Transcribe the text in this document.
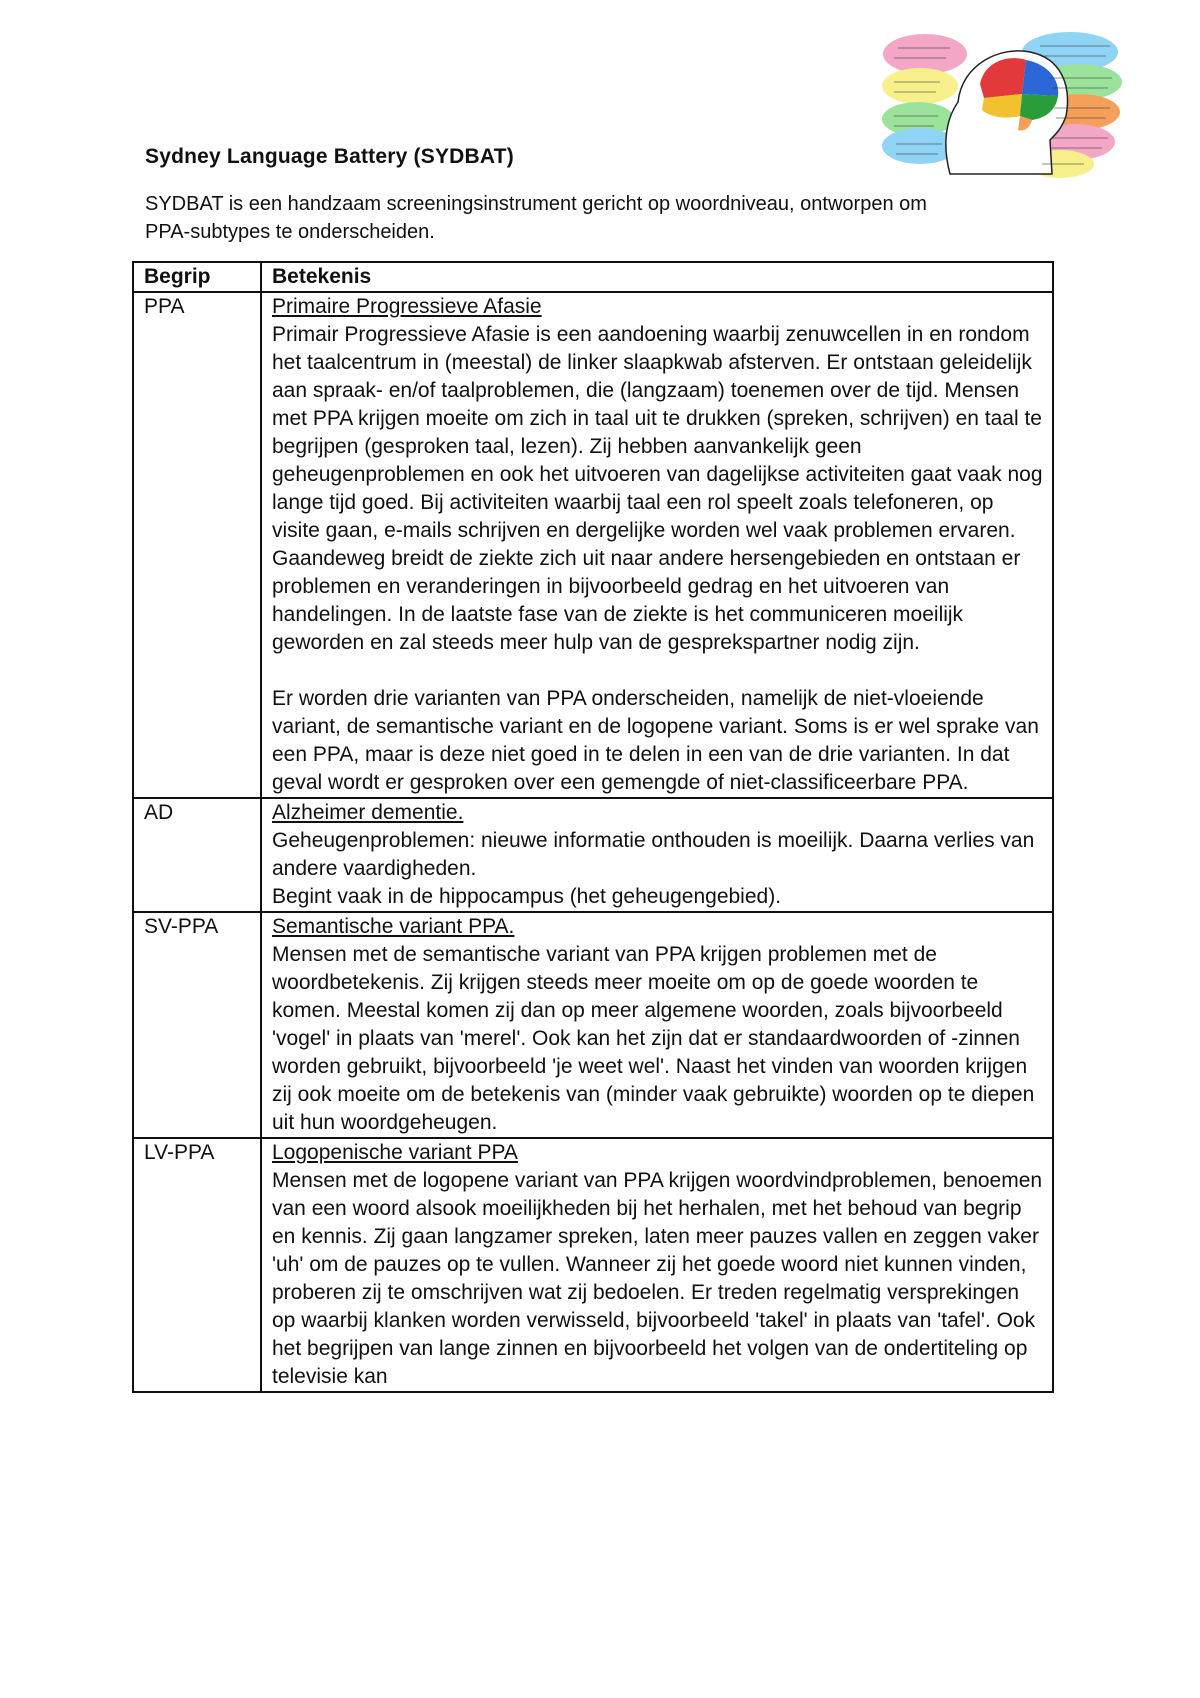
Sydney Language Battery (SYDBAT)
SYDBAT is een handzaam screeningsinstrument gericht op woordniveau, ontworpen om
PPA-subtypes te onderscheiden.
Begrip	Betekenis
PPA	Primaire Progressieve Afasie
Primair Progressieve Afasie is een aandoening waarbij zenuwcellen in en rondom het taalcentrum in (meestal) de linker slaapkwab afsterven. Er ontstaan geleidelijk aan spraak- en/of taalproblemen, die (langzaam) toenemen over de tijd. Mensen met PPA krijgen moeite om zich in taal uit te drukken (spreken, schrijven) en taal te begrijpen (gesproken taal, lezen). Zij hebben aanvankelijk geen geheugenproblemen en ook het uitvoeren van dagelijkse activiteiten gaat vaak nog lange tijd goed. Bij activiteiten waarbij taal een rol speelt zoals telefoneren, op visite gaan, e-mails schrijven en dergelijke worden wel vaak problemen ervaren. Gaandeweg breidt de ziekte zich uit naar andere hersengebieden en ontstaan er problemen en veranderingen in bijvoorbeeld gedrag en het uitvoeren van handelingen. In de laatste fase van de ziekte is het communiceren moeilijk geworden en zal steeds meer hulp van de gesprekspartner nodig zijn.
Er worden drie varianten van PPA onderscheiden, namelijk de niet-vloeiende variant, de semantische variant en de logopene variant. Soms is er wel sprake van een PPA, maar is deze niet goed in te delen in een van de drie varianten. In dat geval wordt er gesproken over een gemengde of niet-classificeerbare PPA.

AD	Alzheimer dementie.
Geheugenproblemen: nieuwe informatie onthouden is moeilijk. Daarna verlies van andere vaardigheden.
Begint vaak in de hippocampus (het geheugengebied).

SV-PPA	Semantische variant PPA.
Mensen met de semantische variant van PPA krijgen problemen met de woordbetekenis. Zij krijgen steeds meer moeite om op de goede woorden te komen. Meestal komen zij dan op meer algemene woorden, zoals bijvoorbeeld 'vogel' in plaats van 'merel'. Ook kan het zijn dat er standaardwoorden of -zinnen worden gebruikt, bijvoorbeeld 'je weet wel'. Naast het vinden van woorden krijgen zij ook moeite om de betekenis van (minder vaak gebruikte) woorden op te diepen uit hun woordgeheugen.

LV-PPA	Logopenische variant PPA
Mensen met de logopene variant van PPA krijgen woordvindproblemen, benoemen van een woord alsook moeilijkheden bij het herhalen, met het behoud van begrip en kennis. Zij gaan langzamer spreken, laten meer pauzes vallen en zeggen vaker 'uh' om de pauzes op te vullen. Wanneer zij het goede woord niet kunnen vinden, proberen zij te omschrijven wat zij bedoelen. Er treden regelmatig versprekingen op waarbij klanken worden verwisseld, bijvoorbeeld 'takel' in plaats van 'tafel'. Ook het begrijpen van lange zinnen en bijvoorbeeld het volgen van de ondertiteling op televisie kan
